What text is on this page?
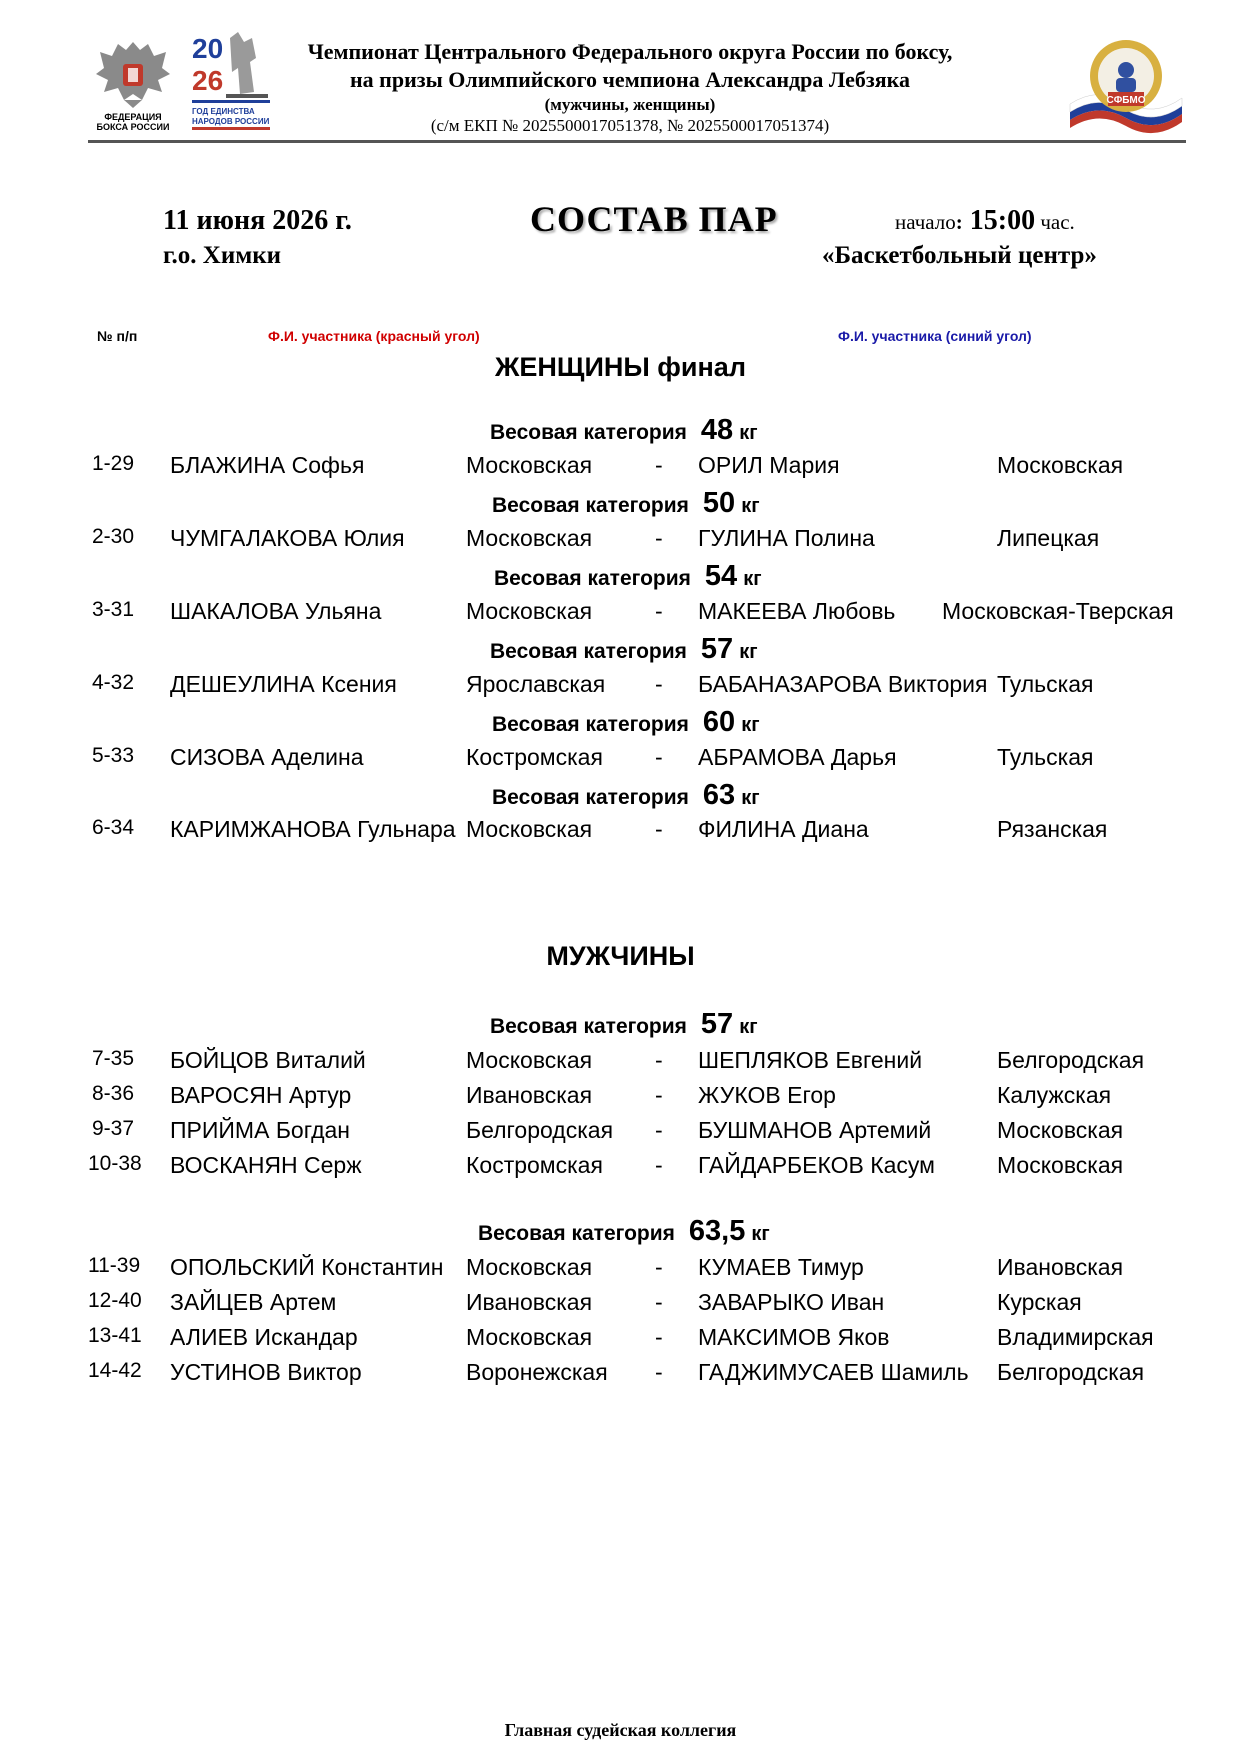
ФЕДЕРАЦИЯ
БОКСА РОССИИ
20
26
ГОД ЕДИНСТВА
НАРОДОВ РОССИИ
СФБМО
Чемпионат Центрального Федерального округа России по боксу,
на призы Олимпийского чемпиона Александра Лебзяка
(мужчины, женщины)
(с/м ЕКП № 2025500017051378, № 2025500017051374)
11 июня 2026 г.
г.о. Химки
СОСТАВ ПАР	начало: 15:00 час.
«Баскетбольный центр»
№ п/п	Ф.И. участника (красный угол)	Ф.И. участника (синий угол)
ЖЕНЩИНЫ финал
Весовая категория 48 кг
1-29 БЛАЖИНА Софья	Московская	- ОРИЛ Мария	Московская
Весовая категория 50 кг
2-30 ЧУМГАЛАКОВА Юлия	Московская	- ГУЛИНА Полина	Липецкая
Весовая категория 54 кг
3-31 ШАКАЛОВА Ульяна	Московская	- МАКЕЕВА Любовь Московская-Тверская
Весовая категория 57 кг
4-32 ДЕШЕУЛИНА Ксения	Ярославская - БАБАНАЗАРОВА Виктория Тульская
Весовая категория 60 кг
5-33 СИЗОВА Аделина	Костромская - АБРАМОВА Дарья	Тульская
Весовая категория 63 кг
6-34 КАРИМЖАНОВА Гульнара Московская	- ФИЛИНА Диана	Рязанская
МУЖЧИНЫ
Весовая категория 57 кг
7-35 БОЙЦОВ Виталий	Московская	- ШЕПЛЯКОВ Евгений	Белгородская
8-36 ВАРОСЯН Артур	Ивановская	- ЖУКОВ Егор	Калужская
9-37 ПРИЙМА Богдан	Белгородская - БУШМАНОВ Артемий	Московская
10-38 ВОСКАНЯН Серж	Костромская - ГАЙДАРБЕКОВ Касум	Московская
Весовая категория 63,5 кг
11-39 ОПОЛЬСКИЙ Константин Московская	- КУМАЕВ Тимур	Ивановская
12-40 ЗАЙЦЕВ Артем	Ивановская	- ЗАВАРЫКО Иван	Курская
13-41 АЛИЕВ Искандар	Московская	- МАКСИМОВ Яков	Владимирская
14-42 УСТИНОВ Виктор	Воронежская - ГАДЖИМУСАЕВ Шамиль Белгородская
Главная судейская коллегия
